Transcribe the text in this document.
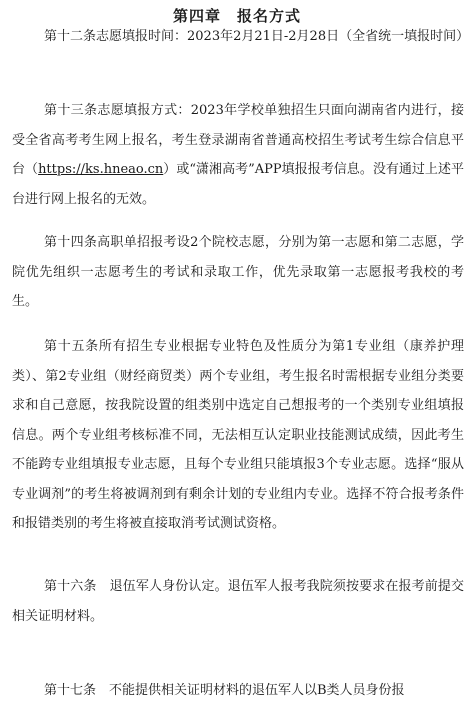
第四章　报名方式

第十二条志愿填报时间：2023年2月21日-2月28日（全省统一填报时间）

第十三条志愿填报方式：2023年学校单独招生只面向湖南省内进行，接受全省高考考生网上报名，考生登录湖南省普通高校招生考试考生综合信息平台（https://ks.hneao.cn）或“潇湘高考”APP填报报考信息。没有通过上述平台进行网上报名的无效。

第十四条高职单招报考设2个院校志愿，分别为第一志愿和第二志愿，学院优先组织一志愿考生的考试和录取工作，优先录取第一志愿报考我校的考生。

第十五条所有招生专业根据专业特色及性质分为第1专业组（康养护理类）、第2专业组（财经商贸类）两个专业组，考生报名时需根据专业组分类要求和自己意愿，按我院设置的组类别中选定自己想报考的一个类别专业组填报信息。两个专业组考核标准不同，无法相互认定职业技能测试成绩，因此考生不能跨专业组填报专业志愿，且每个专业组只能填报3个专业志愿。选择“服从专业调剂”的考生将被调剂到有剩余计划的专业组内专业。选择不符合报考条件和报错类别的考生将被直接取消考试测试资格。

第十六条　退伍军人身份认定。退伍军人报考我院须按要求在报考前提交相关证明材料。

第十七条　不能提供相关证明材料的退伍军人以B类人员身份报
